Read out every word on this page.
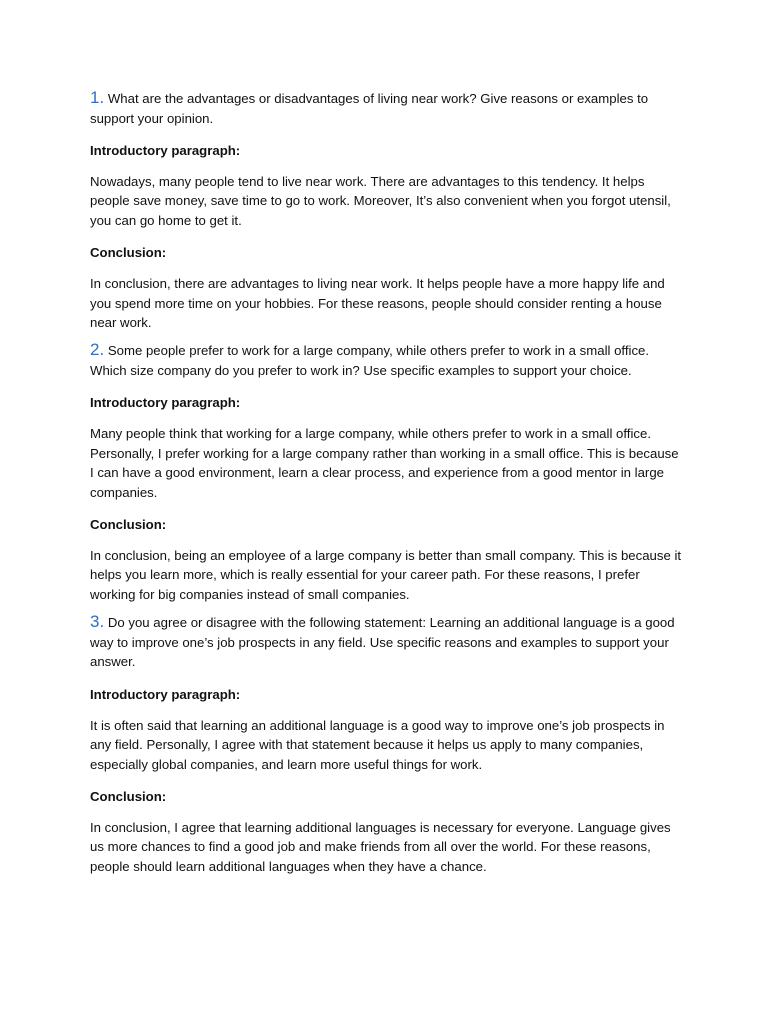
1. What are the advantages or disadvantages of living near work? Give reasons or examples to support your opinion.

Introductory paragraph:

Nowadays, many people tend to live near work. There are advantages to this tendency. It helps people save money, save time to go to work. Moreover, It’s also convenient when you forgot utensil, you can go home to get it.

Conclusion:

In conclusion, there are advantages to living near work. It helps people have a more happy life and you spend more time on your hobbies. For these reasons, people should consider renting a house near work.

2. Some people prefer to work for a large company, while others prefer to work in a small office. Which size company do you prefer to work in? Use specific examples to support your choice.

Introductory paragraph:

Many people think that working for a large company, while others prefer to work in a small office. Personally, I prefer working for a large company rather than working in a small office. This is because I can have a good environment, learn a clear process, and experience from a good mentor in large companies.

Conclusion:

In conclusion, being an employee of a large company is better than small company. This is because it helps you learn more, which is really essential for your career path. For these reasons, I prefer working for big companies instead of small companies.

3. Do you agree or disagree with the following statement: Learning an additional language is a good way to improve one’s job prospects in any field. Use specific reasons and examples to support your answer.

Introductory paragraph:

It is often said that learning an additional language is a good way to improve one’s job prospects in any field. Personally, I agree with that statement because it helps us apply to many companies, especially global companies, and learn more useful things for work.

Conclusion:

In conclusion, I agree that learning additional languages is necessary for everyone. Language gives us more chances to find a good job and make friends from all over the world. For these reasons, people should learn additional languages when they have a chance.
